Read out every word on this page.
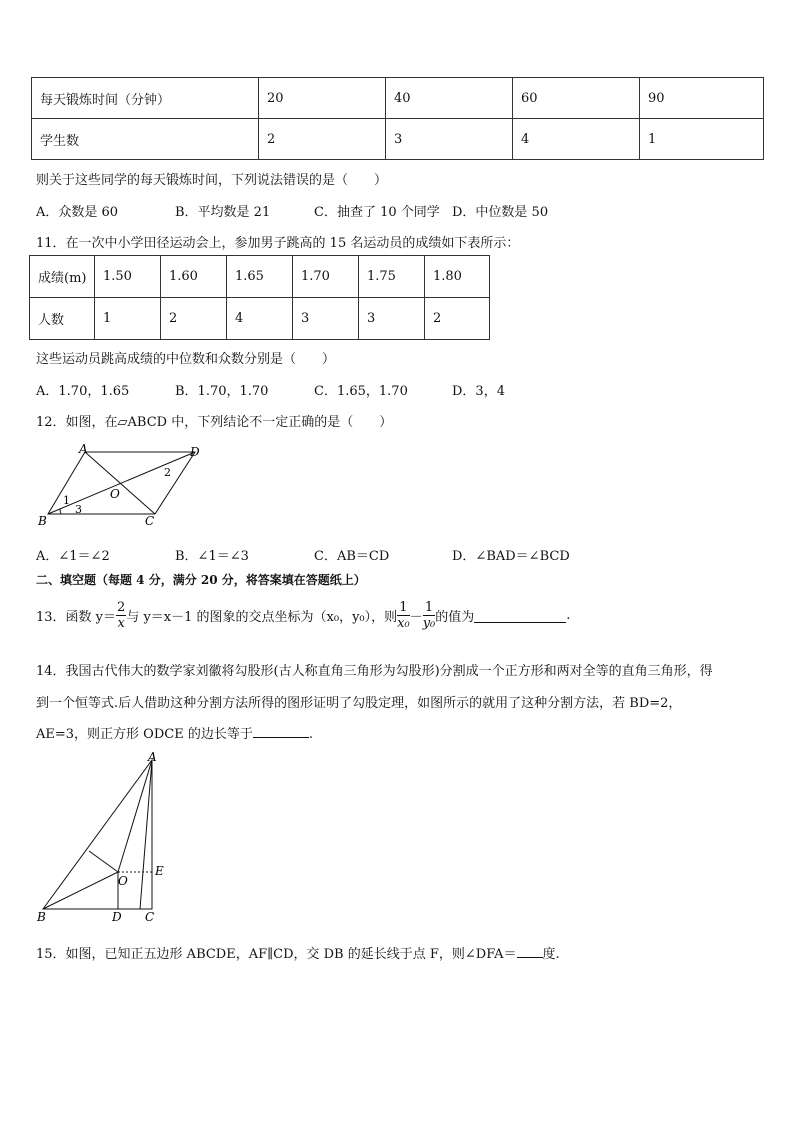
每天锻炼时间（分钟）	20	40	60	90
学生数	2	3	4	1
则关于这些同学的每天锻炼时间，下列说法错误的是（　　）
A．众数是 60	B．平均数是 21	C．抽查了 10 个同学 D．中位数是 50
11．在一次中小学田径运动会上，参加男子跳高的 15 名运动员的成绩如下表所示：
成绩(m)	1.50	1.60	1.65	1.70	1.75	1.80
人数	1	2	4	3	3	2
这些运动员跳高成绩的中位数和众数分别是（　　）
A．1.70，1.65	B．1.70，1.70	C．1.65，1.70	D．3，4
12．如图，在▱ABCD 中，下列结论不一定正确的是（　　）
A
B	C
D
O
1
2
3
A．∠1＝∠2	B．∠1＝∠3	C．AB＝CD	D．∠BAD＝∠BCD
二、填空题（每题 4 分，满分 20 分，将答案填在答题纸上）
13．函数 $y= \frac{2}{x}$ 与 y＝x－1 的图象的交点坐标为（x₀，y₀），则 $\frac{1}{\text{x₀}} - \frac{1}{\text{y₀}}$ 的值为	.
14．我国古代伟大的数学家刘徽将勾股形(古人称直角三角形为勾股形)分割成一个正方形和两对全等的直角三角形，得
到一个恒等式.后人借助这种分割方法所得的图形证明了勾股定理，如图所示的就用了这种分割方法，若 BD=2，
AE=3，则正方形 ODCE 的边长等于	.
A
B	C
D
E
O
15．如图，已知正五边形 ABCDE，AF∥CD，交 DB 的延长线于点 F，则∠DFA＝ 度.
